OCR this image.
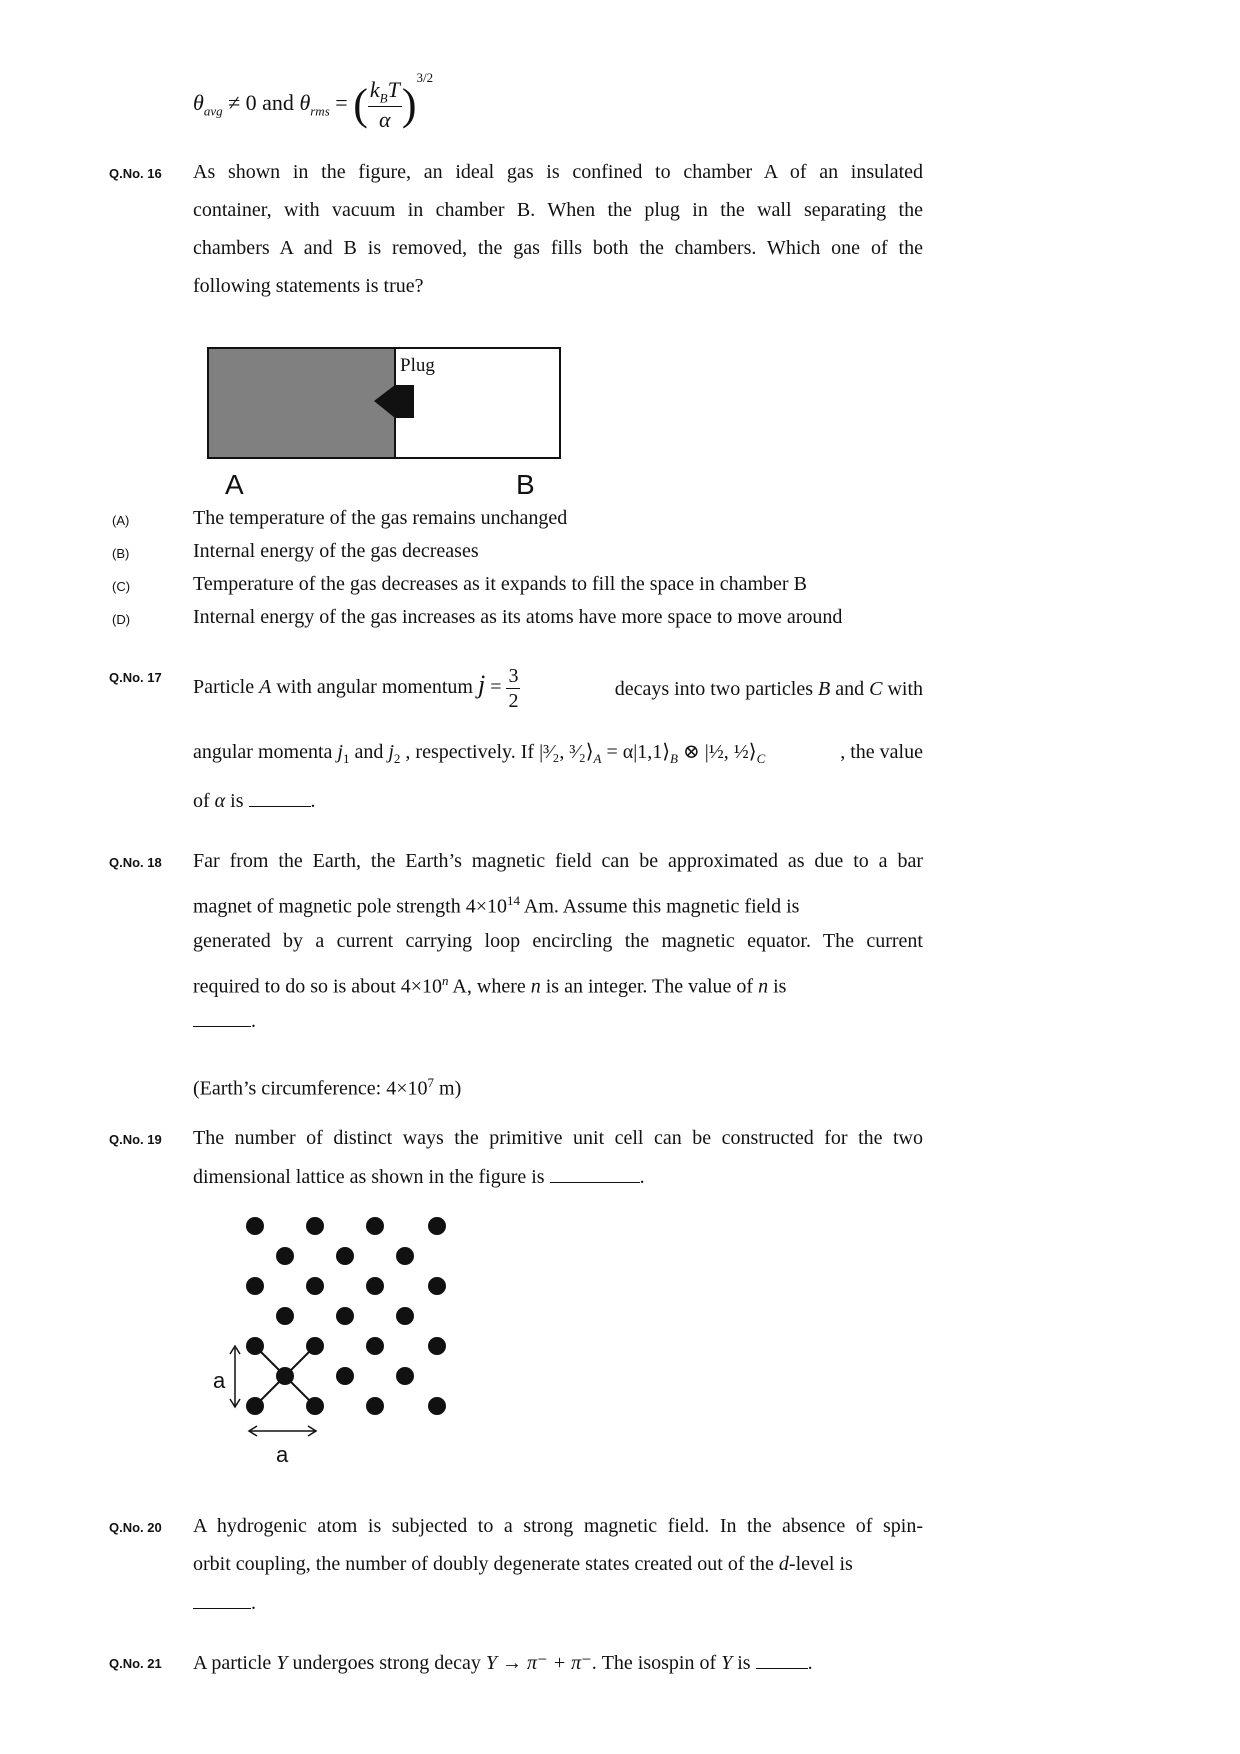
$\theta_{avg} \ne 0$ and $\theta_{rms}$ = ( $\frac{k_BT}{\alpha} )^{3/2}$
Q.No. 16 As shown in the figure, an ideal gas is confined to chamber A of an insulated
container, with vacuum in chamber B. When the plug in the wall separating the
chambers A and B is removed, the gas fills both the chambers. Which one of the
following statements is true?
Plug
A	B
(A)	The temperature of the gas remains unchanged
(B)	Internal energy of the gas decreases
(C)	Temperature of the gas decreases as it expands to fill the space in chamber B
(D)	Internal energy of the gas increases as its atoms have more space to move around
Q.No. 17 Particle A with angular momentum $j = \frac{3}{2}$	decays into two particles B and C with
angular momenta $j_1$ and $j_2$ , respectively. If |³⁄₂, $^3⁄_2⟩_A$ = $\alpha|1,1⟩_B$ ⊗ |½, $\frac{1}{2}⟩_C$	, the value
of α is	.
Q.No. 18 Far from the Earth, the Earth’s magnetic field can be approximated as due to a bar
magnet of magnetic pole strength $4\times 10^{14}$ Am. Assume this magnetic field is
generated by a current carrying loop encircling the magnetic equator. The current
required to do so is about $4\times 10^n$ A, where n is an integer. The value of n is
.
(Earth’s circumference: $4\times 10^7$ m)
Q.No. 19 The number of distinct ways the primitive unit cell can be constructed for the two
dimensional lattice as shown in the figure is	.
a
a
Q.No. 20 A hydrogenic atom is subjected to a strong magnetic field. In the absence of spin-
orbit coupling, the number of doubly degenerate states created out of the d-level is
.
Q.No. 21 A particle Y undergoes strong decay Y → π⁻ + π⁻. The isospin of Y is	.
